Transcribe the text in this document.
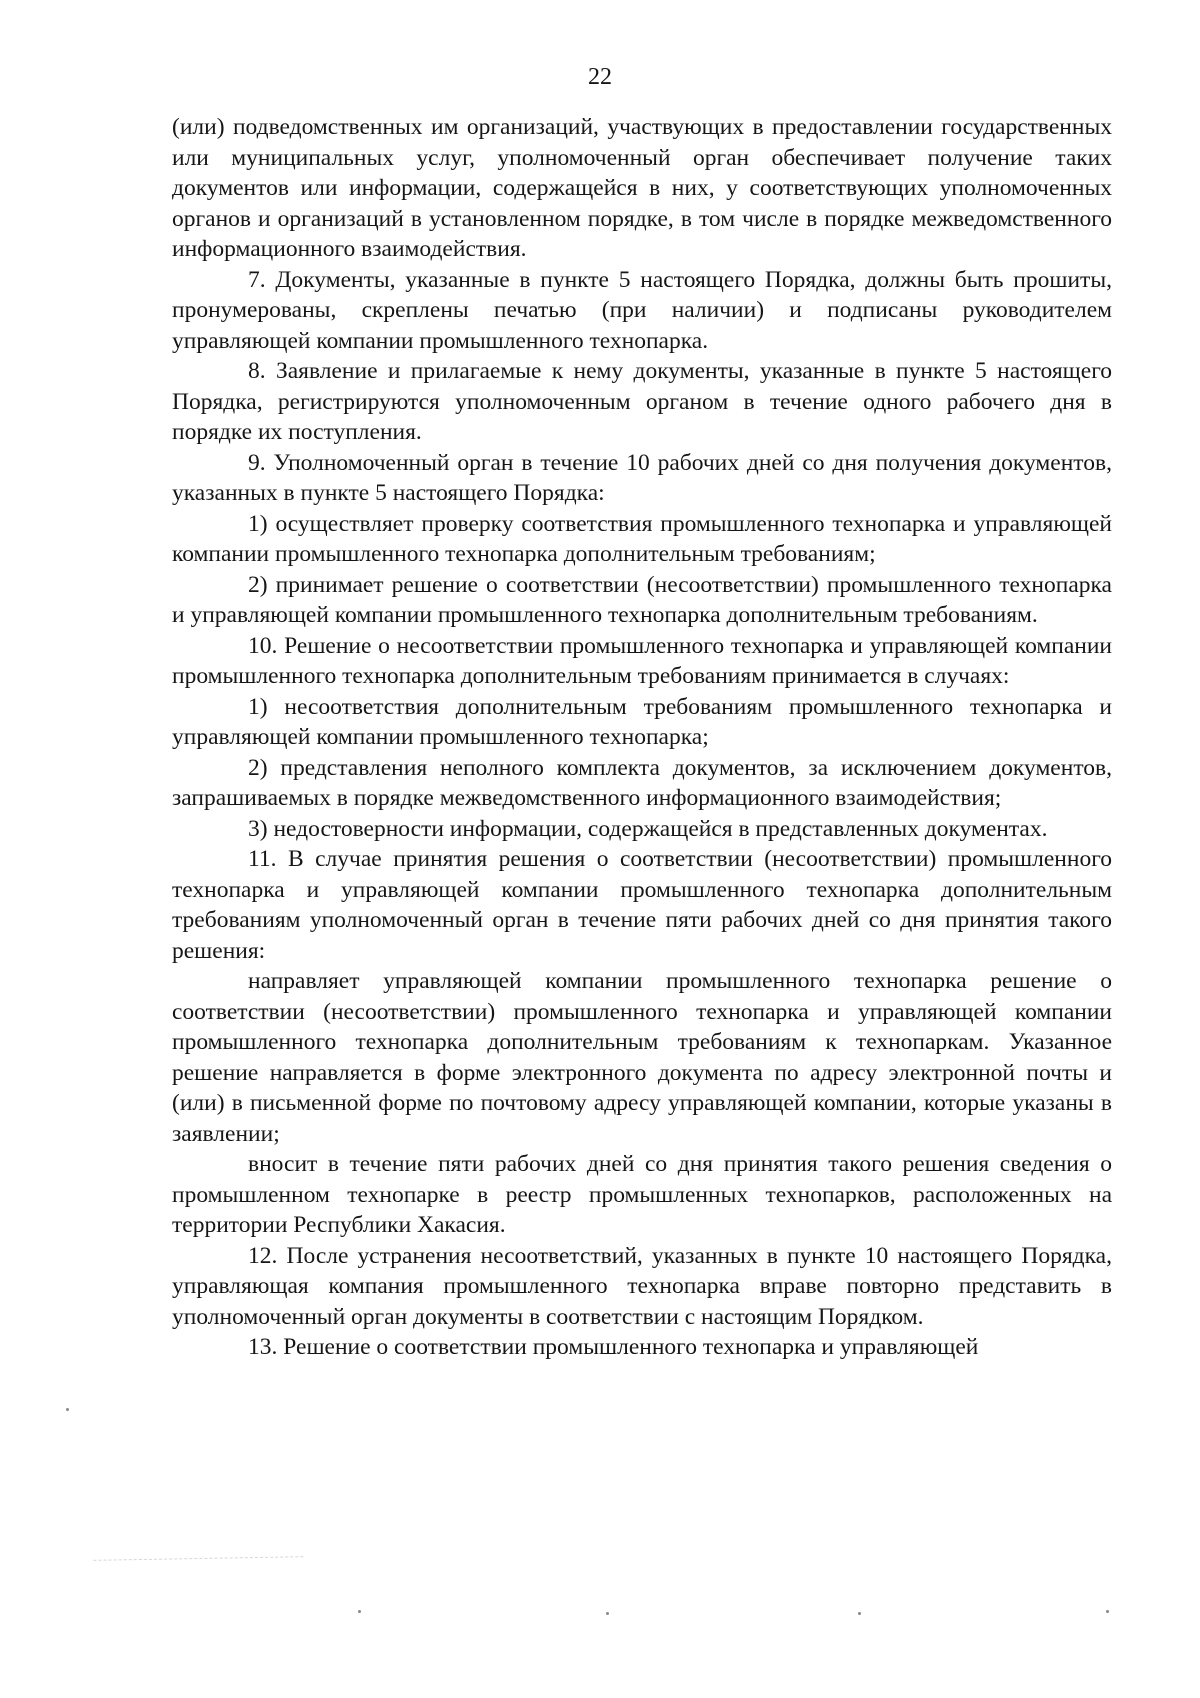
22

(или) подведомственных им организаций, участвующих в предоставлении государственных или муниципальных услуг, уполномоченный орган обеспечивает получение таких документов или информации, содержащейся в них, у соответствующих уполномоченных органов и организаций в установленном порядке, в том числе в порядке межведомственного информационного взаимодействия.

7. Документы, указанные в пункте 5 настоящего Порядка, должны быть прошиты, пронумерованы, скреплены печатью (при наличии) и подписаны руководителем управляющей компании промышленного технопарка.

8. Заявление и прилагаемые к нему документы, указанные в пункте 5 настоящего Порядка, регистрируются уполномоченным органом в течение одного рабочего дня в порядке их поступления.

9. Уполномоченный орган в течение 10 рабочих дней со дня получения документов, указанных в пункте 5 настоящего Порядка:

1) осуществляет проверку соответствия промышленного технопарка и управляющей компании промышленного технопарка дополнительным требованиям;

2) принимает решение о соответствии (несоответствии) промышленного технопарка и управляющей компании промышленного технопарка дополнительным требованиям.

10. Решение о несоответствии промышленного технопарка и управляющей компании промышленного технопарка дополнительным требованиям принимается в случаях:

1) несоответствия дополнительным требованиям промышленного технопарка и управляющей компании промышленного технопарка;

2) представления неполного комплекта документов, за исключением документов, запрашиваемых в порядке межведомственного информационного взаимодействия;

3) недостоверности информации, содержащейся в представленных документах.

11. В случае принятия решения о соответствии (несоответствии) промышленного технопарка и управляющей компании промышленного технопарка дополнительным требованиям уполномоченный орган в течение пяти рабочих дней со дня принятия такого решения:

направляет управляющей компании промышленного технопарка решение о соответствии (несоответствии) промышленного технопарка и управляющей компании промышленного технопарка дополнительным требованиям к технопаркам. Указанное решение направляется в форме электронного документа по адресу электронной почты и (или) в письменной форме по почтовому адресу управляющей компании, которые указаны в заявлении;

вносит в течение пяти рабочих дней со дня принятия такого решения сведения о промышленном технопарке в реестр промышленных технопарков, расположенных на территории Республики Хакасия.

12. После устранения несоответствий, указанных в пункте 10 настоящего Порядка, управляющая компания промышленного технопарка вправе повторно представить в уполномоченный орган документы в соответствии с настоящим Порядком.

13. Решение о соответствии промышленного технопарка и управляющей
